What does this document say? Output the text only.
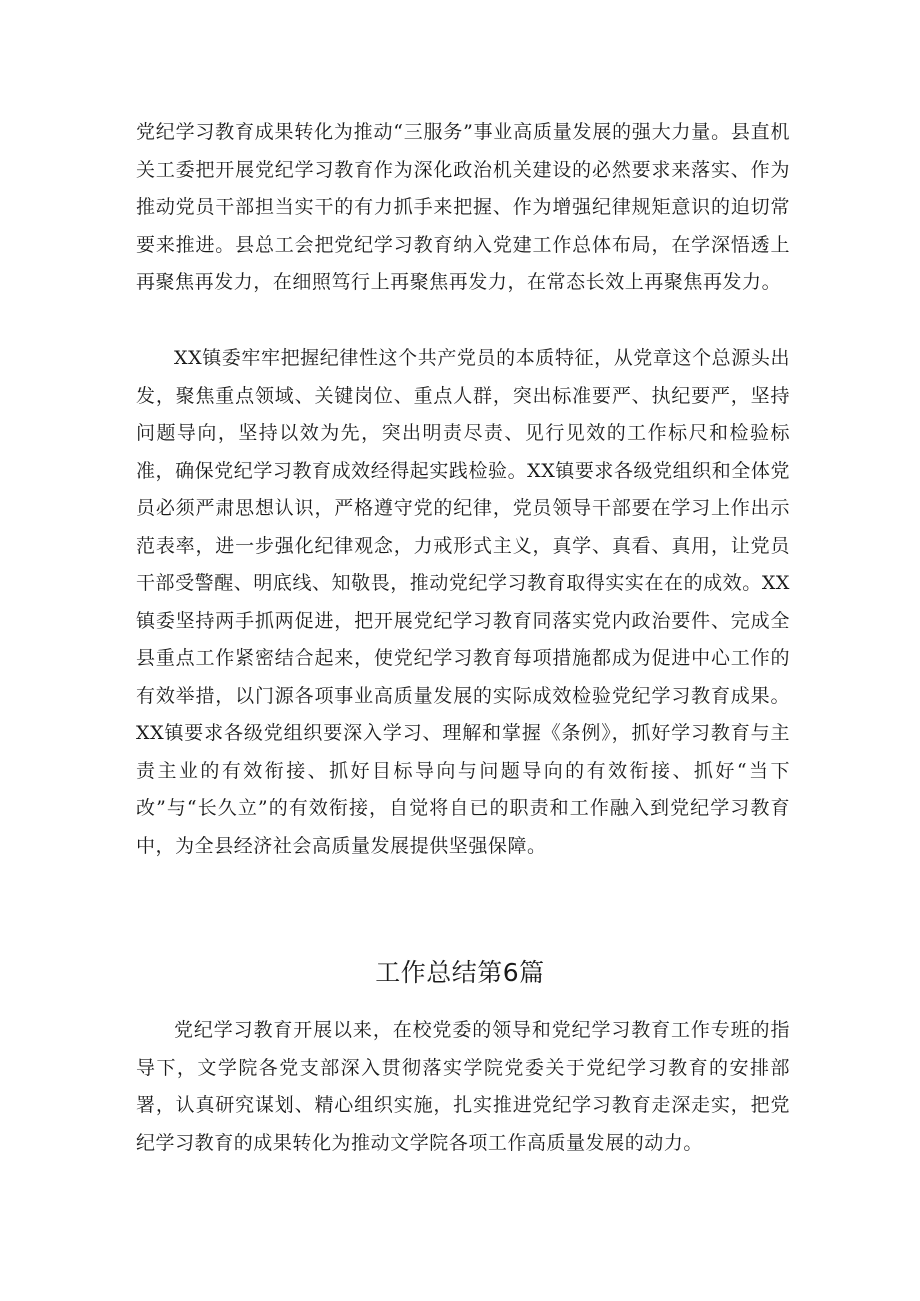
党纪学习教育成果转化为推动“三服务”事业高质量发展的强大力量。县直机关工委把开展党纪学习教育作为深化政治机关建设的必然要求来落实、作为推动党员干部担当实干的有力抓手来把握、作为增强纪律规矩意识的迫切常要来推进。县总工会把党纪学习教育纳入党建工作总体布局，在学深悟透上再聚焦再发力，在细照笃行上再聚焦再发力，在常态长效上再聚焦再发力。

XX镇委牢牢把握纪律性这个共产党员的本质特征，从党章这个总源头出发，聚焦重点领域、关键岗位、重点人群，突出标准要严、执纪要严，坚持问题导向，坚持以效为先，突出明责尽责、见行见效的工作标尺和检验标准，确保党纪学习教育成效经得起实践检验。XX镇要求各级党组织和全体党员必须严肃思想认识，严格遵守党的纪律，党员领导干部要在学习上作出示范表率，进一步强化纪律观念，力戒形式主义，真学、真看、真用，让党员干部受警醒、明底线、知敬畏，推动党纪学习教育取得实实在在的成效。XX镇委坚持两手抓两促进，把开展党纪学习教育同落实党内政治要件、完成全县重点工作紧密结合起来，使党纪学习教育每项措施都成为促进中心工作的有效举措，以门源各项事业高质量发展的实际成效检验党纪学习教育成果。XX镇要求各级党组织要深入学习、理解和掌握《条例》，抓好学习教育与主责主业的有效衔接、抓好目标导向与问题导向的有效衔接、抓好“当下改”与“长久立”的有效衔接，自觉将自已的职责和工作融入到党纪学习教育中，为全县经济社会高质量发展提供坚强保障。

工作总结第6篇

党纪学习教育开展以来，在校党委的领导和党纪学习教育工作专班的指导下，文学院各党支部深入贯彻落实学院党委关于党纪学习教育的安排部署，认真研究谋划、精心组织实施，扎实推进党纪学习教育走深走实，把党纪学习教育的成果转化为推动文学院各项工作高质量发展的动力。
